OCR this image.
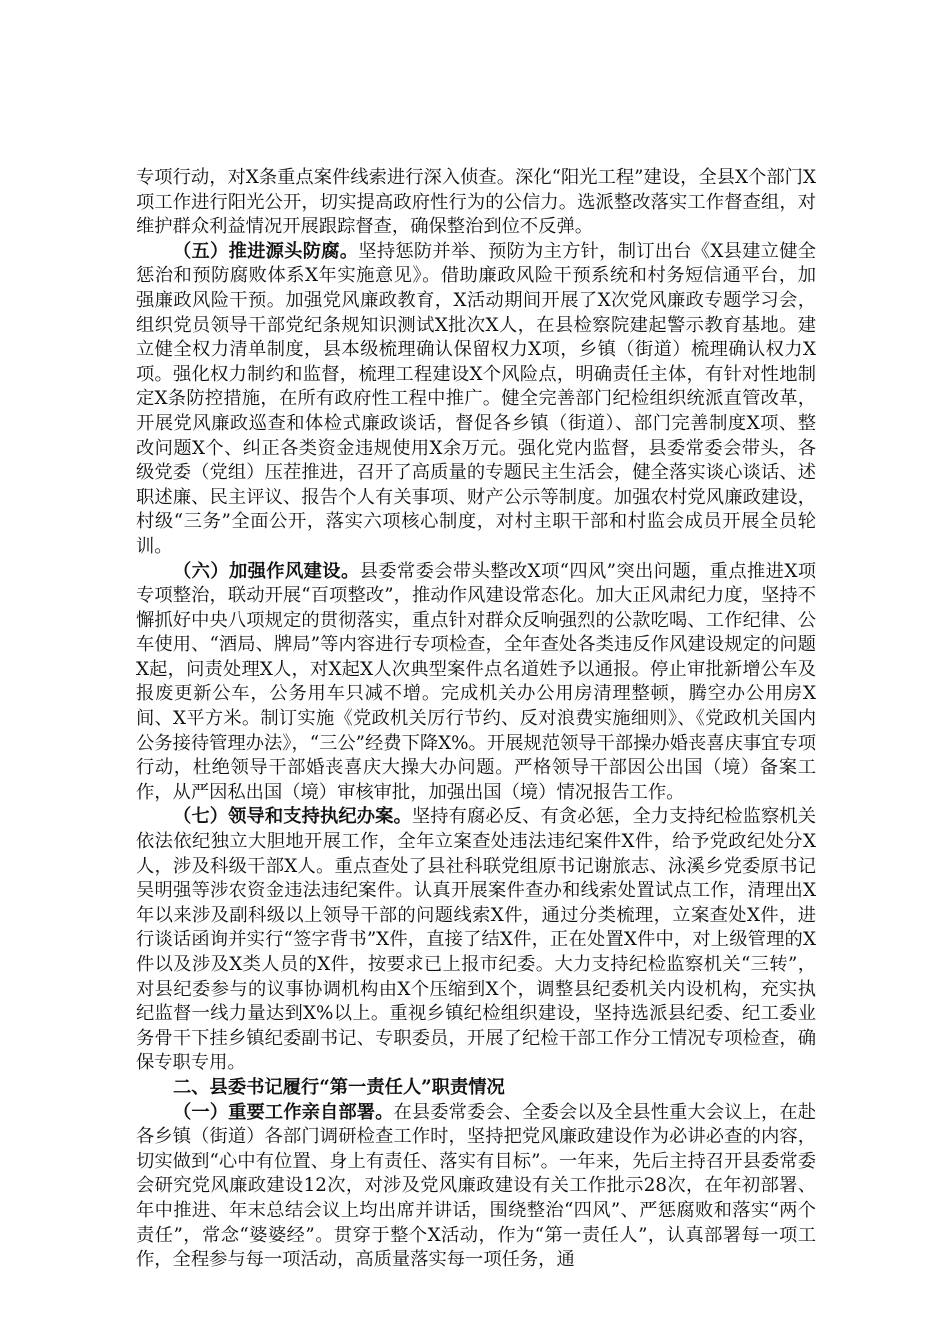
专项行动，对X条重点案件线索进行深入侦查。深化“阳光工程”建设，全县X个部门X项工作进行阳光公开，切实提高政府性行为的公信力。选派整改落实工作督查组，对维护群众利益情况开展跟踪督查，确保整治到位不反弹。

（五）推进源头防腐。坚持惩防并举、预防为主方针，制订出台《X县建立健全惩治和预防腐败体系X年实施意见》。借助廉政风险干预系统和村务短信通平台，加强廉政风险干预。加强党风廉政教育，X活动期间开展了X次党风廉政专题学习会，组织党员领导干部党纪条规知识测试X批次X人，在县检察院建起警示教育基地。建立健全权力清单制度，县本级梳理确认保留权力X项，乡镇（街道）梳理确认权力X项。强化权力制约和监督，梳理工程建设X个风险点，明确责任主体，有针对性地制定X条防控措施，在所有政府性工程中推广。健全完善部门纪检组织统派直管改革，开展党风廉政巡查和体检式廉政谈话，督促各乡镇（街道）、部门完善制度X项、整改问题X个、纠正各类资金违规使用X余万元。强化党内监督，县委常委会带头，各级党委（党组）压茬推进，召开了高质量的专题民主生活会，健全落实谈心谈话、述职述廉、民主评议、报告个人有关事项、财产公示等制度。加强农村党风廉政建设，村级“三务”全面公开，落实六项核心制度，对村主职干部和村监会成员开展全员轮训。

（六）加强作风建设。县委常委会带头整改X项“四风”突出问题，重点推进X项专项整治，联动开展“百项整改”，推动作风建设常态化。加大正风肃纪力度，坚持不懈抓好中央八项规定的贯彻落实，重点针对群众反响强烈的公款吃喝、工作纪律、公车使用、“酒局、牌局”等内容进行专项检查，全年查处各类违反作风建设规定的问题X起，问责处理X人，对X起X人次典型案件点名道姓予以通报。停止审批新增公车及报废更新公车，公务用车只减不增。完成机关办公用房清理整顿，腾空办公用房X间、X平方米。制订实施《党政机关厉行节约、反对浪费实施细则》、《党政机关国内公务接待管理办法》，“三公”经费下降X%。开展规范领导干部操办婚丧喜庆事宜专项行动，杜绝领导干部婚丧喜庆大操大办问题。严格领导干部因公出国（境）备案工作，从严因私出国（境）审核审批，加强出国（境）情况报告工作。

（七）领导和支持执纪办案。坚持有腐必反、有贪必惩，全力支持纪检监察机关依法依纪独立大胆地开展工作，全年立案查处违法违纪案件X件，给予党政纪处分X人，涉及科级干部X人。重点查处了县社科联党组原书记谢旅志、泳溪乡党委原书记吴明强等涉农资金违法违纪案件。认真开展案件查办和线索处置试点工作，清理出X年以来涉及副科级以上领导干部的问题线索X件，通过分类梳理，立案查处X件，进行谈话函询并实行“签字背书”X件，直接了结X件，正在处置X件中，对上级管理的X件以及涉及X类人员的X件，按要求已上报市纪委。大力支持纪检监察机关“三转”，对县纪委参与的议事协调机构由X个压缩到X个，调整县纪委机关内设机构，充实执纪监督一线力量达到X%以上。重视乡镇纪检组织建设，坚持选派县纪委、纪工委业务骨干下挂乡镇纪委副书记、专职委员，开展了纪检干部工作分工情况专项检查，确保专职专用。

二、县委书记履行“第一责任人”职责情况

（一）重要工作亲自部署。在县委常委会、全委会以及全县性重大会议上，在赴各乡镇（街道）各部门调研检查工作时，坚持把党风廉政建设作为必讲必查的内容，切实做到“心中有位置、身上有责任、落实有目标”。一年来，先后主持召开县委常委会研究党风廉政建设12次，对涉及党风廉政建设有关工作批示28次，在年初部署、年中推进、年末总结会议上均出席并讲话，围绕整治“四风”、严惩腐败和落实“两个责任”，常念“婆婆经”。贯穿于整个X活动，作为“第一责任人”，认真部署每一项工作，全程参与每一项活动，高质量落实每一项任务，通
